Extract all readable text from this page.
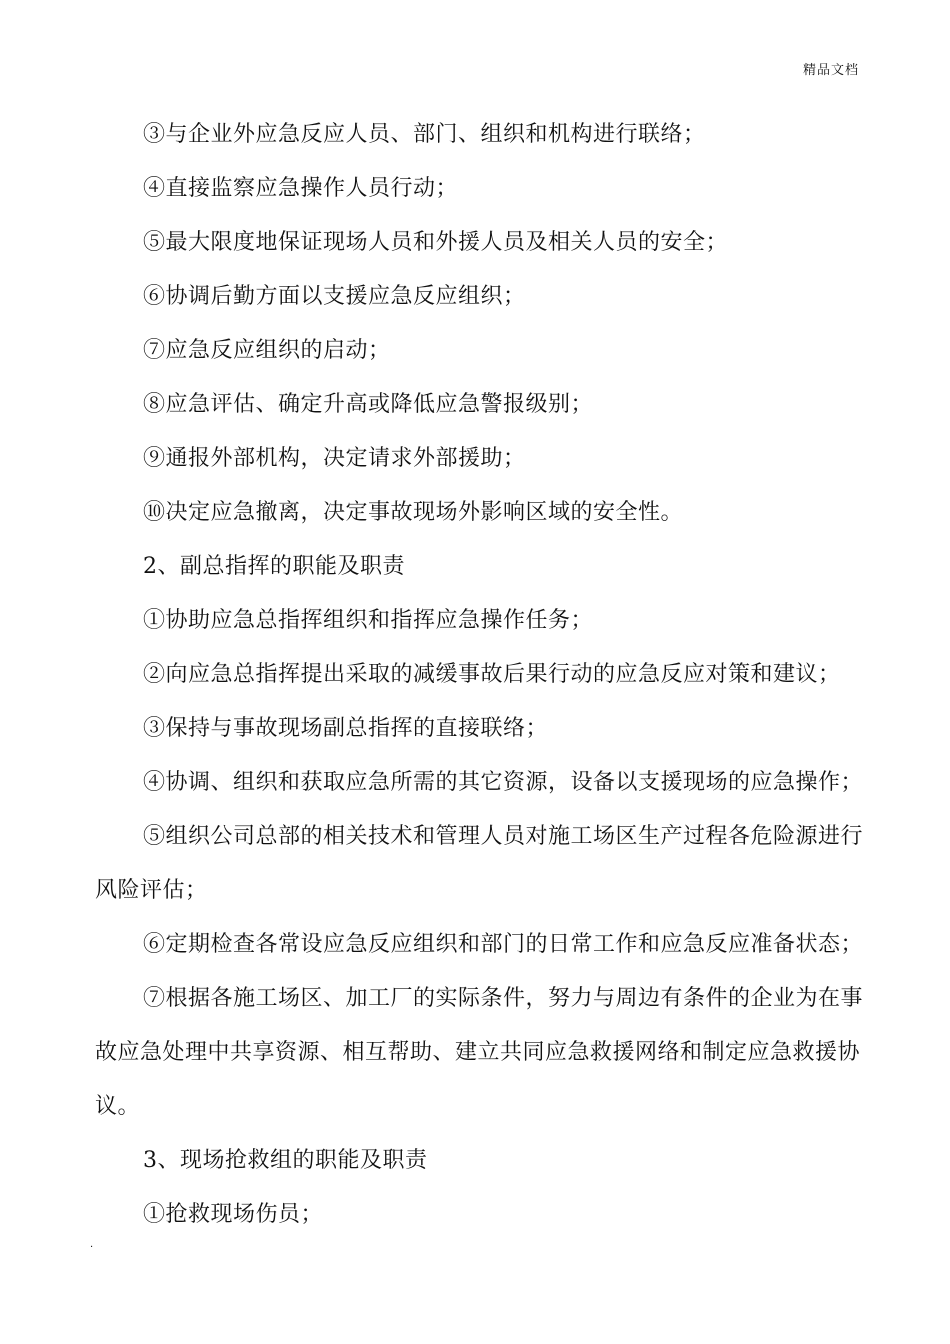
精品文档

③与企业外应急反应人员、部门、组织和机构进行联络；

④直接监察应急操作人员行动；

⑤最大限度地保证现场人员和外援人员及相关人员的安全；

⑥协调后勤方面以支援应急反应组织；

⑦应急反应组织的启动；

⑧应急评估、确定升高或降低应急警报级别；

⑨通报外部机构，决定请求外部援助；

⑩决定应急撤离，决定事故现场外影响区域的安全性。

2、副总指挥的职能及职责

①协助应急总指挥组织和指挥应急操作任务；

②向应急总指挥提出采取的减缓事故后果行动的应急反应对策和建议；

③保持与事故现场副总指挥的直接联络；

④协调、组织和获取应急所需的其它资源，设备以支援现场的应急操作；

⑤组织公司总部的相关技术和管理人员对施工场区生产过程各危险源进行风险评估；

⑥定期检查各常设应急反应组织和部门的日常工作和应急反应准备状态；

⑦根据各施工场区、加工厂的实际条件，努力与周边有条件的企业为在事故应急处理中共享资源、相互帮助、建立共同应急救援网络和制定应急救援协议。

3、现场抢救组的职能及职责

①抢救现场伤员；

.
